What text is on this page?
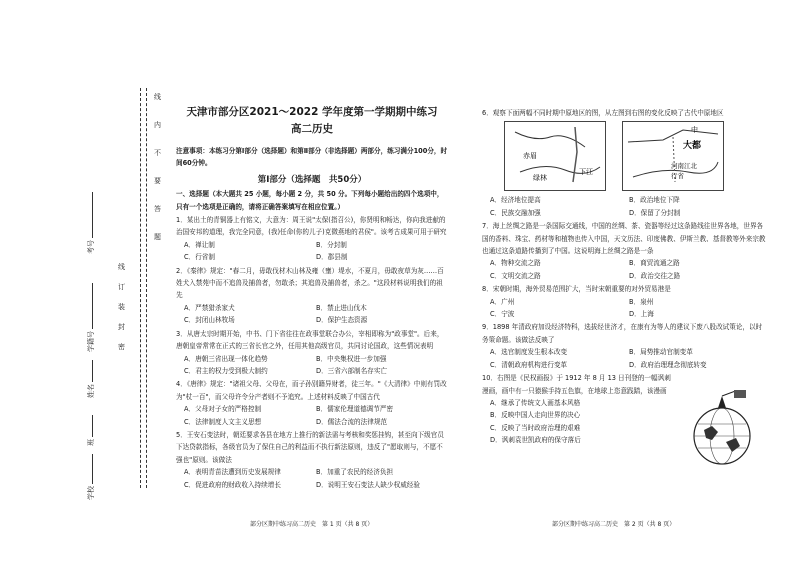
线
内
不
要
答
题
线
订
装
封
密
考号
学籍号
姓名
班
学校
天津市部分区2021～2022 学年度第一学期期中练习
高二历史
注意事项：本练习分第Ⅰ部分（选择题）和第Ⅱ部分（非选择题）两部分，练习满分100分，时间60分钟。
第Ⅰ部分（选择题　共50分）
一、选择题（本大题共 25 小题，每小题 2 分，共 50 分。下列每小题给出的四个选项中，只有一个选项是正确的，请将正确答案填写在相应位置。）
1．某出土的青铜器上有铭文，大意为：周王说"太保(指召公)，你贤明和畅达，你向我进献的治国安邦的道理，我完全同意，(我)任命(你的儿子)克微燕地的君侯"。该考古成果可用于研究
A．禅让制	B．分封制
C．行省制	D．郡县制
2．《秦律》规定："春二月，毋敢伐材木山林及雍（壅）堤水，不夏月，毋敢夜草为灰……百姓犬入禁苑中而不追兽及捕兽者，勿敢杀；其追兽及捕兽者，杀之。"这段材料说明我们的祖先
A．严禁猎杀家犬	B．禁止进山伐木
C．封闭山林牧场	D．保护生态资源
3．从唐太宗时期开始，中书、门下省往往在政事堂联合办公，宰相即称为"政事堂"。后来，唐朝皇帝常常在正式的三省长官之外，任用其他高级官员，共同讨论国政，这些情况表明
A．唐朝三省出现一体化趋势	B．中央集权进一步加强
C．君主的权力受到极大制约	D．三省六部制名存实亡
4．《唐律》规定："诸祖父母、父母在，而子孙别籍异财者，徒三年。"《大清律》中则有罚改为"杖一百"，而父母许令分产者则不予追究。上述材料反映了中国古代
A．父母对子女的严格控制	B．儒家伦理道德调节严密
C．法律制度人文主义思想	D．儒法合流的法律规范
5．王安石变法时，朝廷要求各县在地方上推行的新法需与考核和奖惩挂钩，甚至向下级官员下达贷款指标，各级官员为了保住自己的利益而不执行新法原则，违反了"愿取则与，不愿不强也"原则。该做法
A．表明青苗法遭到历史发展规律	B．加重了农民的经济负担
C．促进政府的财政收入持续增长	D．说明王安石变法人缺少权威经验
部分区期中练习高二历史　第 1 页（共 8 页）
6．观察下面两幅不同时期中原地区的图，从左图到右图的变化反映了古代中原地区
赤眉
绿林
下江
中
大都
河南江北
行省
A．经济地位提高	B．政治地位下降
C．民族交融加强	D．保留了分封制
7．海上丝绸之路是一条国际交通线，中国的丝绸、茶、瓷器等经过这条路线往世界各地，世界各国的香料、珠宝、药材等和植物也传入中国，天文历法、印度佛教、伊斯兰教、基督教等外来宗教也通过这条道路传播到了中国。这说明海上丝绸之路是一条
A．物种交流之路	B．商贸流通之路
C．文明交流之路	D．政治交往之路
8．宋朝时期，海外贸易范围扩大，当时宋朝重要的对外贸易港是
A．广州	B．泉州
C．宁波	D．上海
9．1898 年清政府加设经济特科，选拔经世济才，在康有为等人的建议下废八股改试策论，以时务策命题。该做法反映了
A．选官制度发生根本改变	B．局势推动官制变革
C．清朝政府机构进行变革	D．政府治理理念彻底转变
10．右图是《民权画报》于 1912 年 8 月 13 日刊登的一幅讽刺漫画，画中有一只猿猴手持五色旗，在地球上恣意践踏，该漫画
A．继承了传统文人画基本风格
B．反映中国人走向世界的决心
C．反映了当时政府治理的艰难
D．讽刺袁世凯政府的保守落后
部分区期中练习高二历史　第 2 页（共 8 页）
